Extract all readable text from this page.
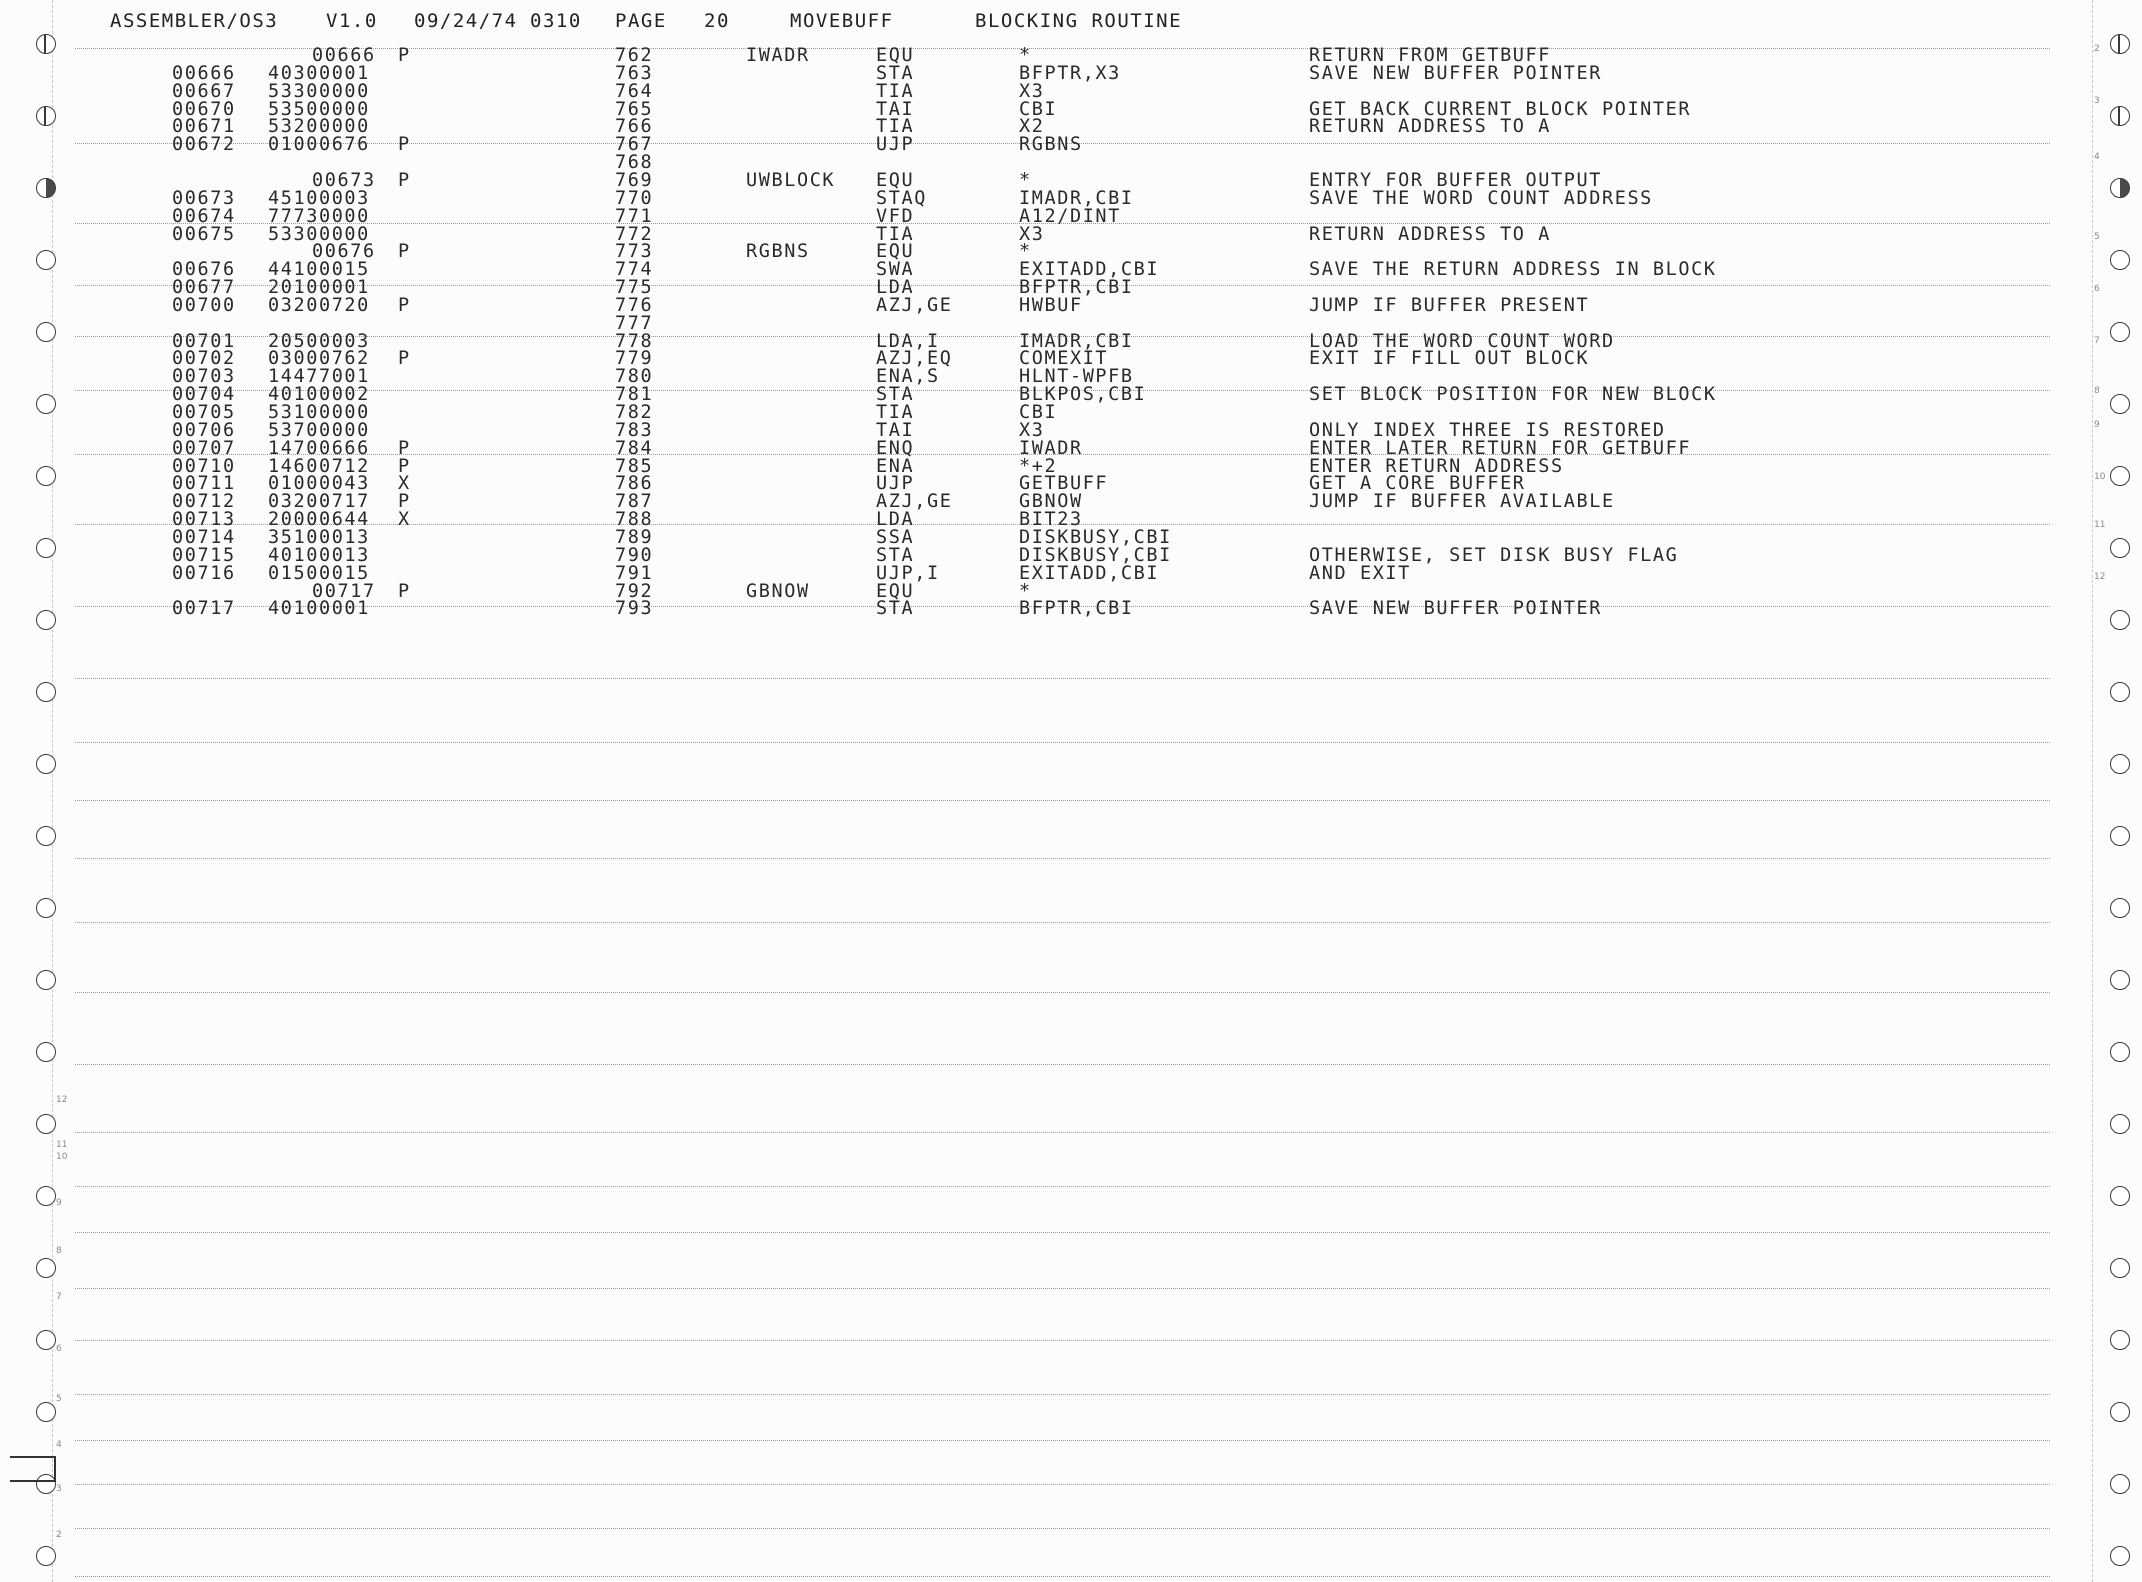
12
11
10
9
8
7
6
5
4
3
2
2
3
4
5
6
7
8
9
10
11
12
ASSEMBLER/OS3	V1.0 09/24/74 0310 PAGE 20	MOVEBUFF	BLOCKING ROUTINE
00666 P	762	IWADR	EQU	*	RETURN FROM GETBUFF
00666 40300001	763	STA	BFPTR,X3	SAVE NEW BUFFER POINTER
00667 53300000	764	TIA	X3
00670 53500000	765	TAI	CBI	GET BACK CURRENT BLOCK POINTER
00671 53200000	766	TIA	X2	RETURN ADDRESS TO A
00672 01000676 P	767	UJP	RGBNS
768
00673 P	769	UWBLOCK EQU	*	ENTRY FOR BUFFER OUTPUT
00673 45100003	770	STAQ	IMADR,CBI	SAVE THE WORD COUNT ADDRESS
00674 77730000	771	VFD	A12/DINT
00675 53300000	772	TIA	X3	RETURN ADDRESS TO A
00676 P	773	RGBNS	EQU	*
00676 44100015	774	SWA	EXITADD,CBI	SAVE THE RETURN ADDRESS IN BLOCK
00677 20100001	775	LDA	BFPTR,CBI
00700 03200720 P	776	AZJ,GE	HWBUF	JUMP IF BUFFER PRESENT
777
00701 20500003	778	LDA,I	IMADR,CBI	LOAD THE WORD COUNT WORD
00702 03000762 P	779	AZJ,EQ	COMEXIT	EXIT IF FILL OUT BLOCK
00703 14477001	780	ENA,S	HLNT-WPFB
00704 40100002	781	STA	BLKPOS,CBI	SET BLOCK POSITION FOR NEW BLOCK
00705 53100000	782	TIA	CBI
00706 53700000	783	TAI	X3	ONLY INDEX THREE IS RESTORED
00707 14700666 P	784	ENQ	IWADR	ENTER LATER RETURN FOR GETBUFF
00710 14600712 P	785	ENA	*+2	ENTER RETURN ADDRESS
00711 01000043 X	786	UJP	GETBUFF	GET A CORE BUFFER
00712 03200717 P	787	AZJ,GE	GBNOW	JUMP IF BUFFER AVAILABLE
00713 20000644 X	788	LDA	BIT23
00714 35100013	789	SSA	DISKBUSY,CBI
00715 40100013	790	STA	DISKBUSY,CBI	OTHERWISE, SET DISK BUSY FLAG
00716 01500015	791	UJP,I	EXITADD,CBI	AND EXIT
00717 P	792	GBNOW	EQU	*
00717 40100001	793	STA	BFPTR,CBI	SAVE NEW BUFFER POINTER
